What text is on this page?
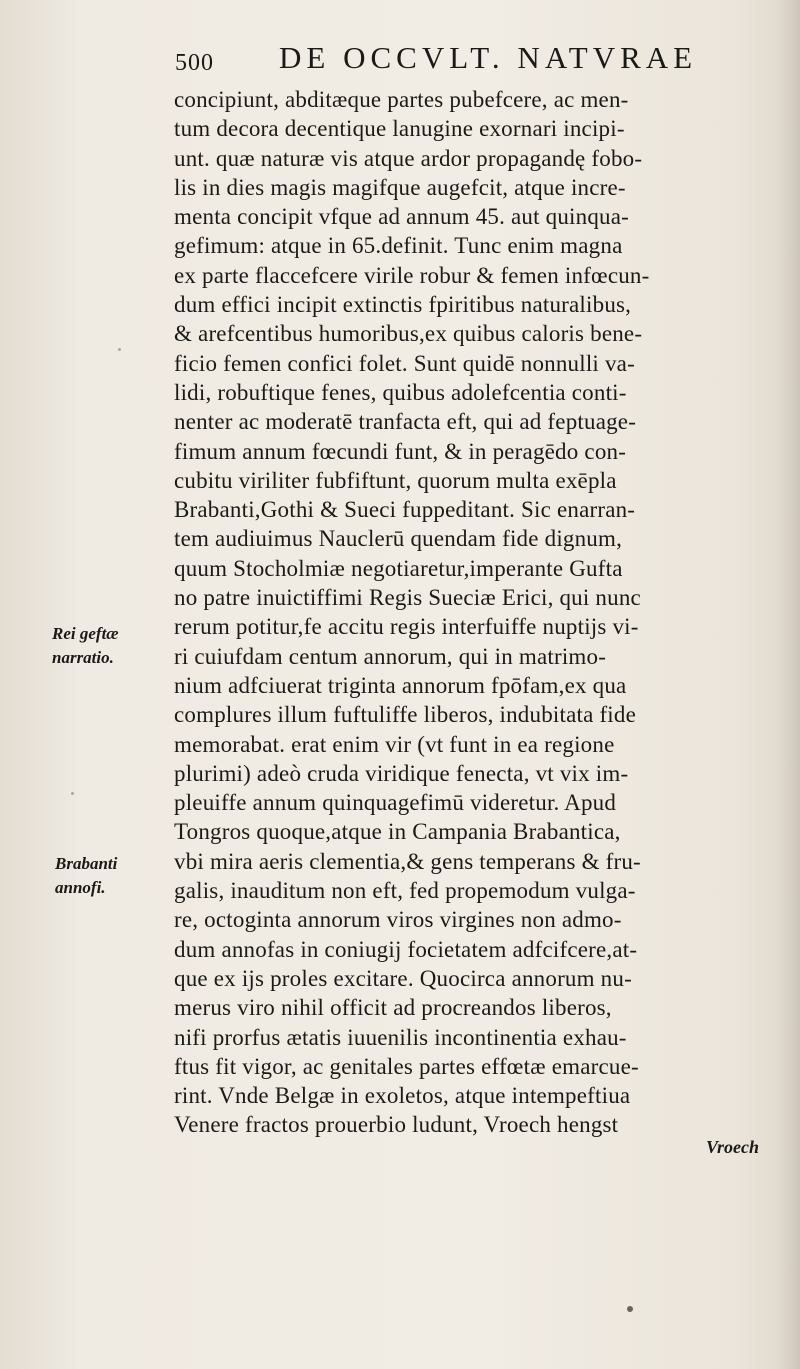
500 DE OCCVLT. NATVRAE
concipiunt, abditæque partes pubefcere, ac men-
tum decora decentique lanugine exornari incipi-
unt. quæ naturæ vis atque ardor propagandę fobo-
lis in dies magis magifque augefcit, atque incre-
menta concipit vfque ad annum 45. aut quinqua-
gefimum: atque in 65.definit. Tunc enim magna
ex parte flaccefcere virile robur & femen infœcun-
dum effici incipit extinctis fpiritibus naturalibus,
& arefcentibus humoribus,ex quibus caloris bene-
ficio femen confici folet. Sunt quidē nonnulli va-
lidi, robuftique fenes, quibus adolefcentia conti-
nenter ac moderatē tranfacta eft, qui ad feptuage-
fimum annum fœcundi funt, & in peragēdo con-
cubitu viriliter fubfiftunt, quorum multa exēpla
Brabanti,Gothi & Sueci fuppeditant. Sic enarran-
tem audiuimus Nauclerū quendam fide dignum,
quum Stocholmiæ negotiaretur,imperante Gufta
no patre inuictiffimi Regis Sueciæ Erici, qui nunc
rerum potitur,fe accitu regis interfuiffe nuptijs vi-
ri cuiufdam centum annorum, qui in matrimo-
nium adfciuerat triginta annorum fpōfam,ex qua
complures illum fuftuliffe liberos, indubitata fide
memorabat. erat enim vir (vt funt in ea regione
plurimi) adeò cruda viridique fenecta, vt vix im-
pleuiffe annum quinquagefimū videretur. Apud
Tongros quoque,atque in Campania Brabantica,
vbi mira aeris clementia,& gens temperans & fru-
galis, inauditum non eft, fed propemodum vulga-
re, octoginta annorum viros virgines non admo-
dum annofas in coniugij focietatem adfcifcere,at-
que ex ijs proles excitare. Quocirca annorum nu-
merus viro nihil officit ad procreandos liberos,
nifi prorfus ætatis iuuenilis incontinentia exhau-
ftus fit vigor, ac genitales partes effœtæ emarcue-
rint. Vnde Belgæ in exoletos, atque intempeftiua
Venere fractos prouerbio ludunt, Vroech hengst
Rei geftæ
narratio.
Brabanti
annofi.
Vroech
